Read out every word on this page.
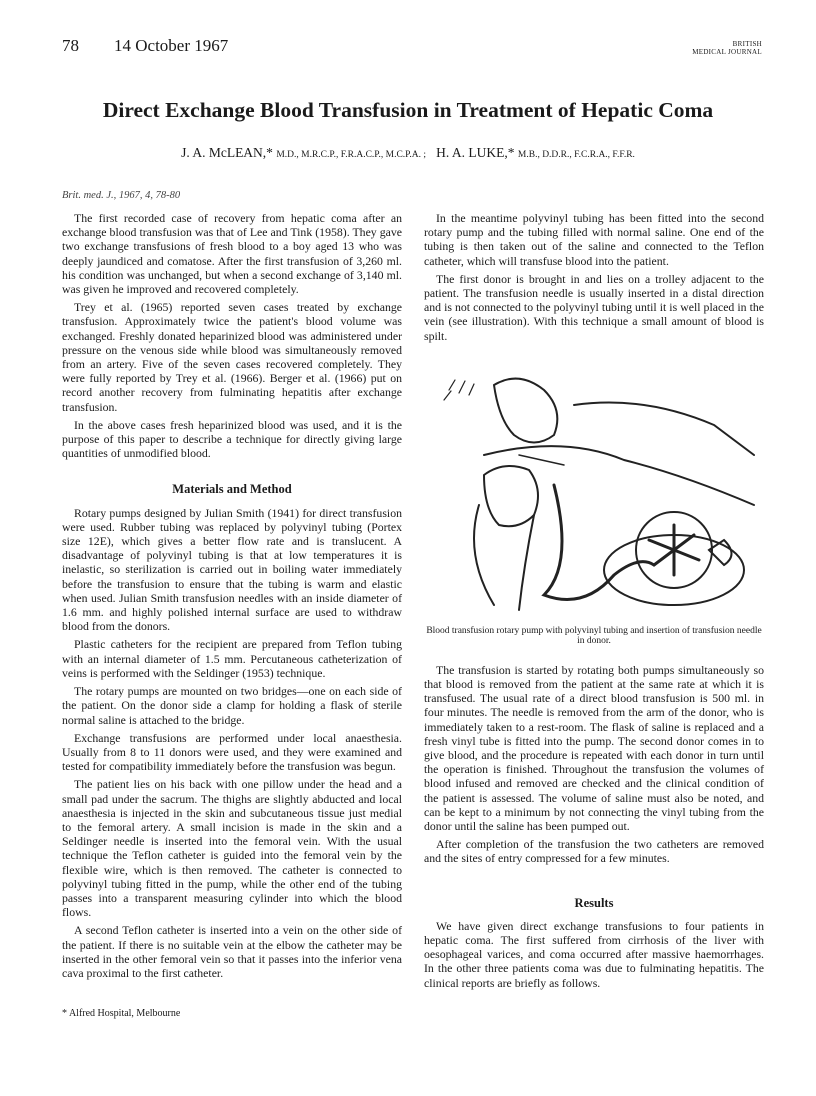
78 14 October 1967	BRITISH
MEDICAL JOURNAL
Direct Exchange Blood Transfusion in Treatment of Hepatic Coma
J. A. McLEAN,* M.D., M.R.C.P., F.R.A.C.P., M.C.P.A. ; H. A. LUKE,* M.B., D.D.R., F.C.R.A., F.F.R.
Brit. med. J., 1967, 4, 78-80

The first recorded case of recovery from hepatic coma after an exchange blood transfusion was that of Lee and Tink (1958). They gave two exchange transfusions of fresh blood to a boy aged 13 who was deeply jaundiced and comatose. After the first transfusion of 3,260 ml. his condition was unchanged, but when a second exchange of 3,140 ml. was given he improved and recovered completely.

Trey et al. (1965) reported seven cases treated by exchange transfusion. Approximately twice the patient's blood volume was exchanged. Freshly donated heparinized blood was administered under pressure on the venous side while blood was simultaneously removed from an artery. Five of the seven cases recovered completely. They were fully reported by Trey et al. (1966). Berger et al. (1966) put on record another recovery from fulminating hepatitis after exchange transfusion.

In the above cases fresh heparinized blood was used, and it is the purpose of this paper to describe a technique for directly giving large quantities of unmodified blood.

Materials and Method

Rotary pumps designed by Julian Smith (1941) for direct transfusion were used. Rubber tubing was replaced by polyvinyl tubing (Portex size 12E), which gives a better flow rate and is translucent. A disadvantage of polyvinyl tubing is that at low temperatures it is inelastic, so sterilization is carried out in boiling water immediately before the transfusion to ensure that the tubing is warm and elastic when used. Julian Smith transfusion needles with an inside diameter of 1.6 mm. and highly polished internal surface are used to withdraw blood from the donors.

Plastic catheters for the recipient are prepared from Teflon tubing with an internal diameter of 1.5 mm. Percutaneous catheterization of veins is performed with the Seldinger (1953) technique.

The rotary pumps are mounted on two bridges—one on each side of the patient. On the donor side a clamp for holding a flask of sterile normal saline is attached to the bridge.

Exchange transfusions are performed under local anaesthesia. Usually from 8 to 11 donors were used, and they were examined and tested for compatibility immediately before the transfusion was begun.

The patient lies on his back with one pillow under the head and a small pad under the sacrum. The thighs are slightly abducted and local anaesthesia is injected in the skin and subcutaneous tissue just medial to the femoral artery. A small incision is made in the skin and a Seldinger needle is inserted into the femoral vein. With the usual technique the Teflon catheter is guided into the femoral vein by the flexible wire, which is then removed. The catheter is connected to polyvinyl tubing fitted in the pump, while the other end of the tubing passes into a transparent measuring cylinder into which the blood flows.

A second Teflon catheter is inserted into a vein on the other side of the patient. If there is no suitable vein at the elbow the catheter may be inserted in the other femoral vein so that it passes into the inferior vena cava proximal to the first catheter.

In the meantime polyvinyl tubing has been fitted into the second rotary pump and the tubing filled with normal saline. One end of the tubing is then taken out of the saline and connected to the Teflon catheter, which will transfuse blood into the patient.

The first donor is brought in and lies on a trolley adjacent to the patient. The transfusion needle is usually inserted in a distal direction and is not connected to the polyvinyl tubing until it is well placed in the vein (see illustration). With this technique a small amount of blood is spilt.

Blood transfusion rotary pump with polyvinyl tubing and insertion of transfusion needle in donor.

The transfusion is started by rotating both pumps simultaneously so that blood is removed from the patient at the same rate at which it is transfused. The usual rate of a direct blood transfusion is 500 ml. in four minutes. The needle is removed from the arm of the donor, who is immediately taken to a rest-room. The flask of saline is replaced and a fresh vinyl tube is fitted into the pump. The second donor comes in to give blood, and the procedure is repeated with each donor in turn until the operation is finished. Throughout the transfusion the volumes of blood infused and removed are checked and the clinical condition of the patient is assessed. The volume of saline must also be noted, and can be kept to a minimum by not connecting the vinyl tubing from the donor until the saline has been pumped out.

After completion of the transfusion the two catheters are removed and the sites of entry compressed for a few minutes.

Results

We have given direct exchange transfusions to four patients in hepatic coma. The first suffered from cirrhosis of the liver with oesophageal varices, and coma occurred after massive haemorrhages. In the other three patients coma was due to fulminating hepatitis. The clinical reports are briefly as follows.

* Alfred Hospital, Melbourne
